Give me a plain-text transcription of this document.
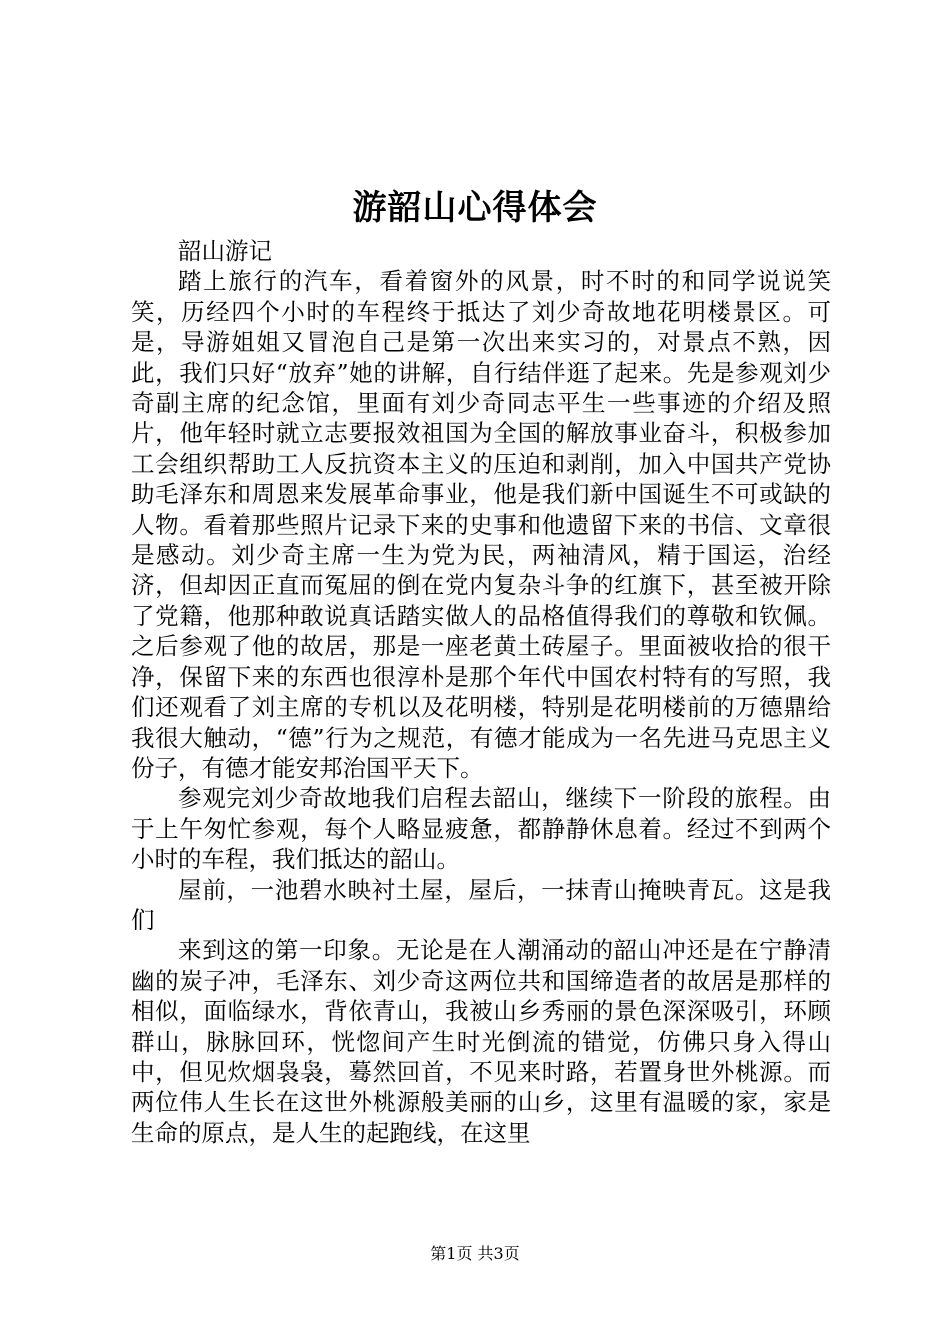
游韶山心得体会

韶山游记

踏上旅行的汽车，看着窗外的风景，时不时的和同学说说笑笑，历经四个小时的车程终于抵达了刘少奇故地花明楼景区。可是，导游姐姐又冒泡自己是第一次出来实习的，对景点不熟，因此，我们只好“放弃”她的讲解，自行结伴逛了起来。先是参观刘少奇副主席的纪念馆，里面有刘少奇同志平生一些事迹的介绍及照片，他年轻时就立志要报效祖国为全国的解放事业奋斗，积极参加工会组织帮助工人反抗资本主义的压迫和剥削，加入中国共产党协助毛泽东和周恩来发展革命事业，他是我们新中国诞生不可或缺的人物。看着那些照片记录下来的史事和他遗留下来的书信、文章很是感动。刘少奇主席一生为党为民，两袖清风，精于国运，治经济，但却因正直而冤屈的倒在党内复杂斗争的红旗下，甚至被开除了党籍，他那种敢说真话踏实做人的品格值得我们的尊敬和钦佩。之后参观了他的故居，那是一座老黄土砖屋子。里面被收拾的很干净，保留下来的东西也很淳朴是那个年代中国农村特有的写照，我们还观看了刘主席的专机以及花明楼，特别是花明楼前的万德鼎给我很大触动，“德”行为之规范，有德才能成为一名先进马克思主义份子，有德才能安邦治国平天下。

参观完刘少奇故地我们启程去韶山，继续下一阶段的旅程。由于上午匆忙参观，每个人略显疲惫，都静静休息着。经过不到两个小时的车程，我们抵达的韶山。

屋前，一池碧水映衬土屋，屋后，一抹青山掩映青瓦。这是我们

来到这的第一印象。无论是在人潮涌动的韶山冲还是在宁静清幽的炭子冲，毛泽东、刘少奇这两位共和国缔造者的故居是那样的相似，面临绿水，背依青山，我被山乡秀丽的景色深深吸引，环顾群山，脉脉回环，恍惚间产生时光倒流的错觉，仿佛只身入得山中，但见炊烟袅袅，蓦然回首，不见来时路，若置身世外桃源。而两位伟人生长在这世外桃源般美丽的山乡，这里有温暖的家，家是生命的原点，是人生的起跑线，在这里

第1页 共3页
